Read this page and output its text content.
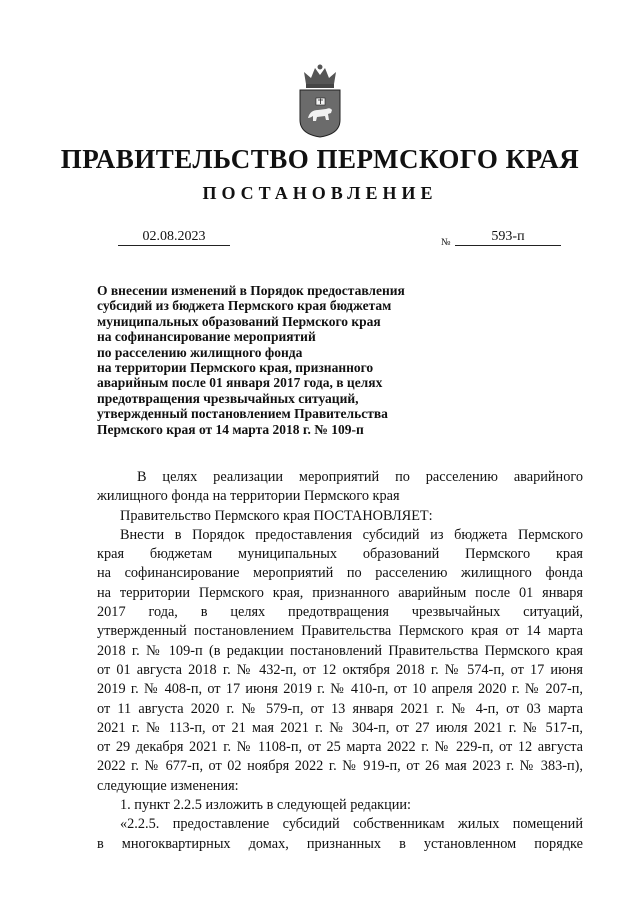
ПРАВИТЕЛЬСТВО ПЕРМСКОГО КРАЯ
ПОСТАНОВЛЕНИЕ
02.08.2023	№	593-п
О внесении изменений в Порядок предоставления
субсидий из бюджета Пермского края бюджетам
муниципальных образований Пермского края
на софинансирование мероприятий
по расселению жилищного фонда
на территории Пермского края, признанного
аварийным после 01 января 2017 года, в целях
предотвращения чрезвычайных ситуаций,
утвержденный постановлением Правительства
Пермского края от 14 марта 2018 г. № 109-п
В целях реализации мероприятий по расселению аварийного
жилищного фонда на территории Пермского края
Правительство Пермского края ПОСТАНОВЛЯЕТ:
Внести в Порядок предоставления субсидий из бюджета Пермского
края бюджетам муниципальных образований Пермского края
на софинансирование мероприятий по расселению жилищного фонда
на территории Пермского края, признанного аварийным после 01 января
2017 года, в целях предотвращения чрезвычайных ситуаций,
утвержденный постановлением Правительства Пермского края от 14 марта
2018 г. № 109-п (в редакции постановлений Правительства Пермского края
от 01 августа 2018 г. № 432-п, от 12 октября 2018 г. № 574-п, от 17 июня
2019 г. № 408-п, от 17 июня 2019 г. № 410-п, от 10 апреля 2020 г. № 207-п,
от 11 августа 2020 г. № 579-п, от 13 января 2021 г. № 4-п, от 03 марта
2021 г. № 113-п, от 21 мая 2021 г. № 304-п, от 27 июля 2021 г. № 517-п,
от 29 декабря 2021 г. № 1108-п, от 25 марта 2022 г. № 229-п, от 12 августа
2022 г. № 677-п, от 02 ноября 2022 г. № 919-п, от 26 мая 2023 г. № 383-п),
следующие изменения:
1. пункт 2.2.5 изложить в следующей редакции:
«2.2.5. предоставление субсидий собственникам жилых помещений
в многоквартирных домах, признанных в установленном порядке
